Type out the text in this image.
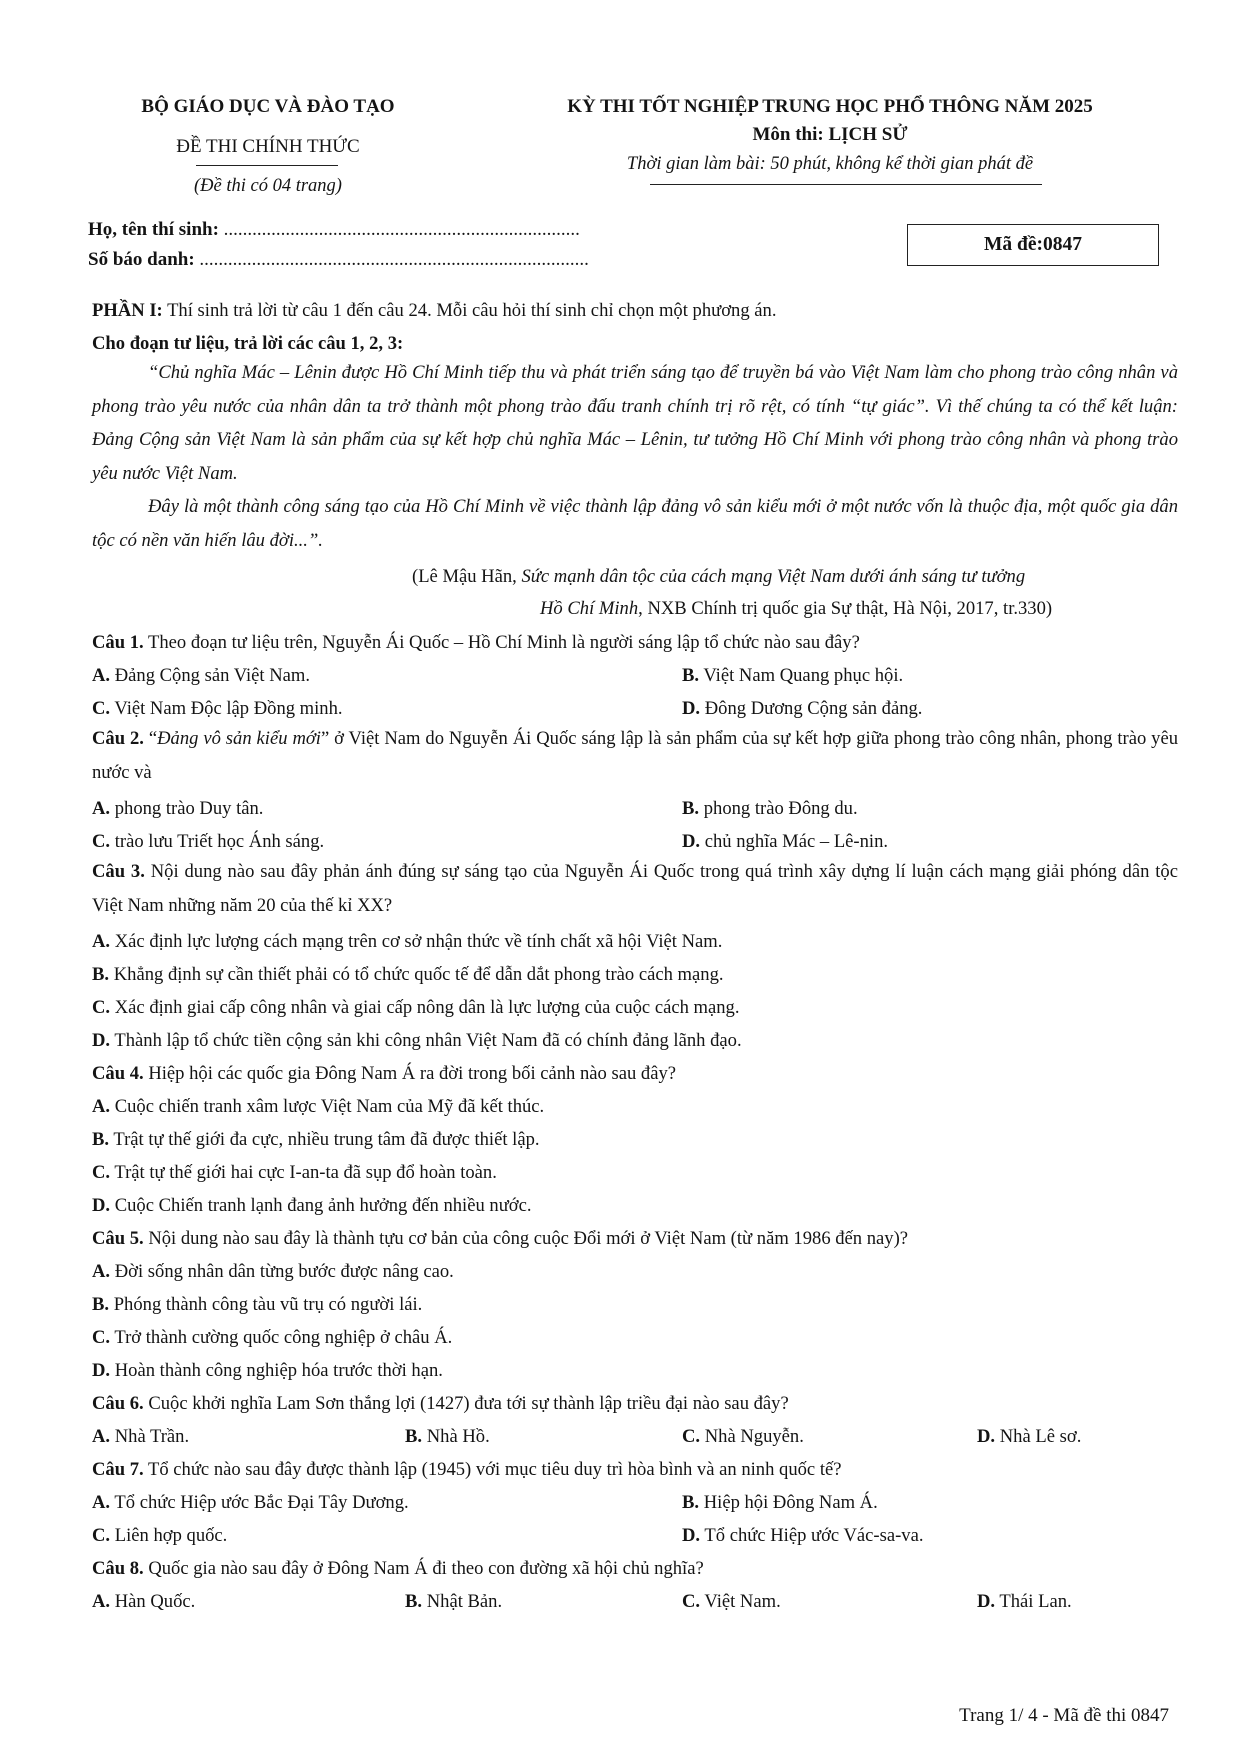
BỘ GIÁO DỤC VÀ ĐÀO TẠO
ĐỀ THI CHÍNH THỨC
(Đề thi có 04 trang)
KỲ THI TỐT NGHIỆP TRUNG HỌC PHỔ THÔNG NĂM 2025
Môn thi: LỊCH SỬ
Thời gian làm bài: 50 phút, không kể thời gian phát đề
Họ, tên thí sinh: ...........................................................................
Số báo danh: ..................................................................................
Mã đề: 0847
PHẦN I: Thí sinh trả lời từ câu 1 đến câu 24. Mỗi câu hỏi thí sinh chỉ chọn một phương án.
Cho đoạn tư liệu, trả lời các câu 1, 2, 3:
“Chủ nghĩa Mác – Lênin được Hồ Chí Minh tiếp thu và phát triển sáng tạo để truyền bá vào Việt Nam làm cho phong trào công nhân và phong trào yêu nước của nhân dân ta trở thành một phong trào đấu tranh chính trị rõ rệt, có tính “tự giác”. Vì thế chúng ta có thể kết luận: Đảng Cộng sản Việt Nam là sản phẩm của sự kết hợp chủ nghĩa Mác – Lênin, tư tưởng Hồ Chí Minh với phong trào công nhân và phong trào yêu nước Việt Nam.
Đây là một thành công sáng tạo của Hồ Chí Minh về việc thành lập đảng vô sản kiểu mới ở một nước vốn là thuộc địa, một quốc gia dân tộc có nền văn hiến lâu đời...”.
(Lê Mậu Hãn, Sức mạnh dân tộc của cách mạng Việt Nam dưới ánh sáng tư tưởng
Hồ Chí Minh, NXB Chính trị quốc gia Sự thật, Hà Nội, 2017, tr.330)
Câu 1. Theo đoạn tư liệu trên, Nguyễn Ái Quốc – Hồ Chí Minh là người sáng lập tổ chức nào sau đây?
A. Đảng Cộng sản Việt Nam.	B. Việt Nam Quang phục hội.
C. Việt Nam Độc lập Đồng minh.	D. Đông Dương Cộng sản đảng.
Câu 2. “Đảng vô sản kiểu mới” ở Việt Nam do Nguyễn Ái Quốc sáng lập là sản phẩm của sự kết hợp giữa phong trào công nhân, phong trào yêu nước và
A. phong trào Duy tân.	B. phong trào Đông du.
C. trào lưu Triết học Ánh sáng.	D. chủ nghĩa Mác – Lê-nin.
Câu 3. Nội dung nào sau đây phản ánh đúng sự sáng tạo của Nguyễn Ái Quốc trong quá trình xây dựng lí luận cách mạng giải phóng dân tộc Việt Nam những năm 20 của thế kỉ XX?
A. Xác định lực lượng cách mạng trên cơ sở nhận thức về tính chất xã hội Việt Nam.
B. Khẳng định sự cần thiết phải có tổ chức quốc tế để dẫn dắt phong trào cách mạng.
C. Xác định giai cấp công nhân và giai cấp nông dân là lực lượng của cuộc cách mạng.
D. Thành lập tổ chức tiền cộng sản khi công nhân Việt Nam đã có chính đảng lãnh đạo.
Câu 4. Hiệp hội các quốc gia Đông Nam Á ra đời trong bối cảnh nào sau đây?
A. Cuộc chiến tranh xâm lược Việt Nam của Mỹ đã kết thúc.
B. Trật tự thế giới đa cực, nhiều trung tâm đã được thiết lập.
C. Trật tự thế giới hai cực I-an-ta đã sụp đổ hoàn toàn.
D. Cuộc Chiến tranh lạnh đang ảnh hưởng đến nhiều nước.
Câu 5. Nội dung nào sau đây là thành tựu cơ bản của công cuộc Đổi mới ở Việt Nam (từ năm 1986 đến nay)?
A. Đời sống nhân dân từng bước được nâng cao.
B. Phóng thành công tàu vũ trụ có người lái.
C. Trở thành cường quốc công nghiệp ở châu Á.
D. Hoàn thành công nghiệp hóa trước thời hạn.
Câu 6. Cuộc khởi nghĩa Lam Sơn thắng lợi (1427) đưa tới sự thành lập triều đại nào sau đây?
A. Nhà Trần.	B. Nhà Hồ.	C. Nhà Nguyễn.	D. Nhà Lê sơ.
Câu 7. Tổ chức nào sau đây được thành lập (1945) với mục tiêu duy trì hòa bình và an ninh quốc tế?
A. Tổ chức Hiệp ước Bắc Đại Tây Dương.	B. Hiệp hội Đông Nam Á.
C. Liên hợp quốc.	D. Tổ chức Hiệp ước Vác-sa-va.
Câu 8. Quốc gia nào sau đây ở Đông Nam Á đi theo con đường xã hội chủ nghĩa?
A. Hàn Quốc.	B. Nhật Bản.	C. Việt Nam.	D. Thái Lan.
Trang 1/ 4 - Mã đề thi 0847
